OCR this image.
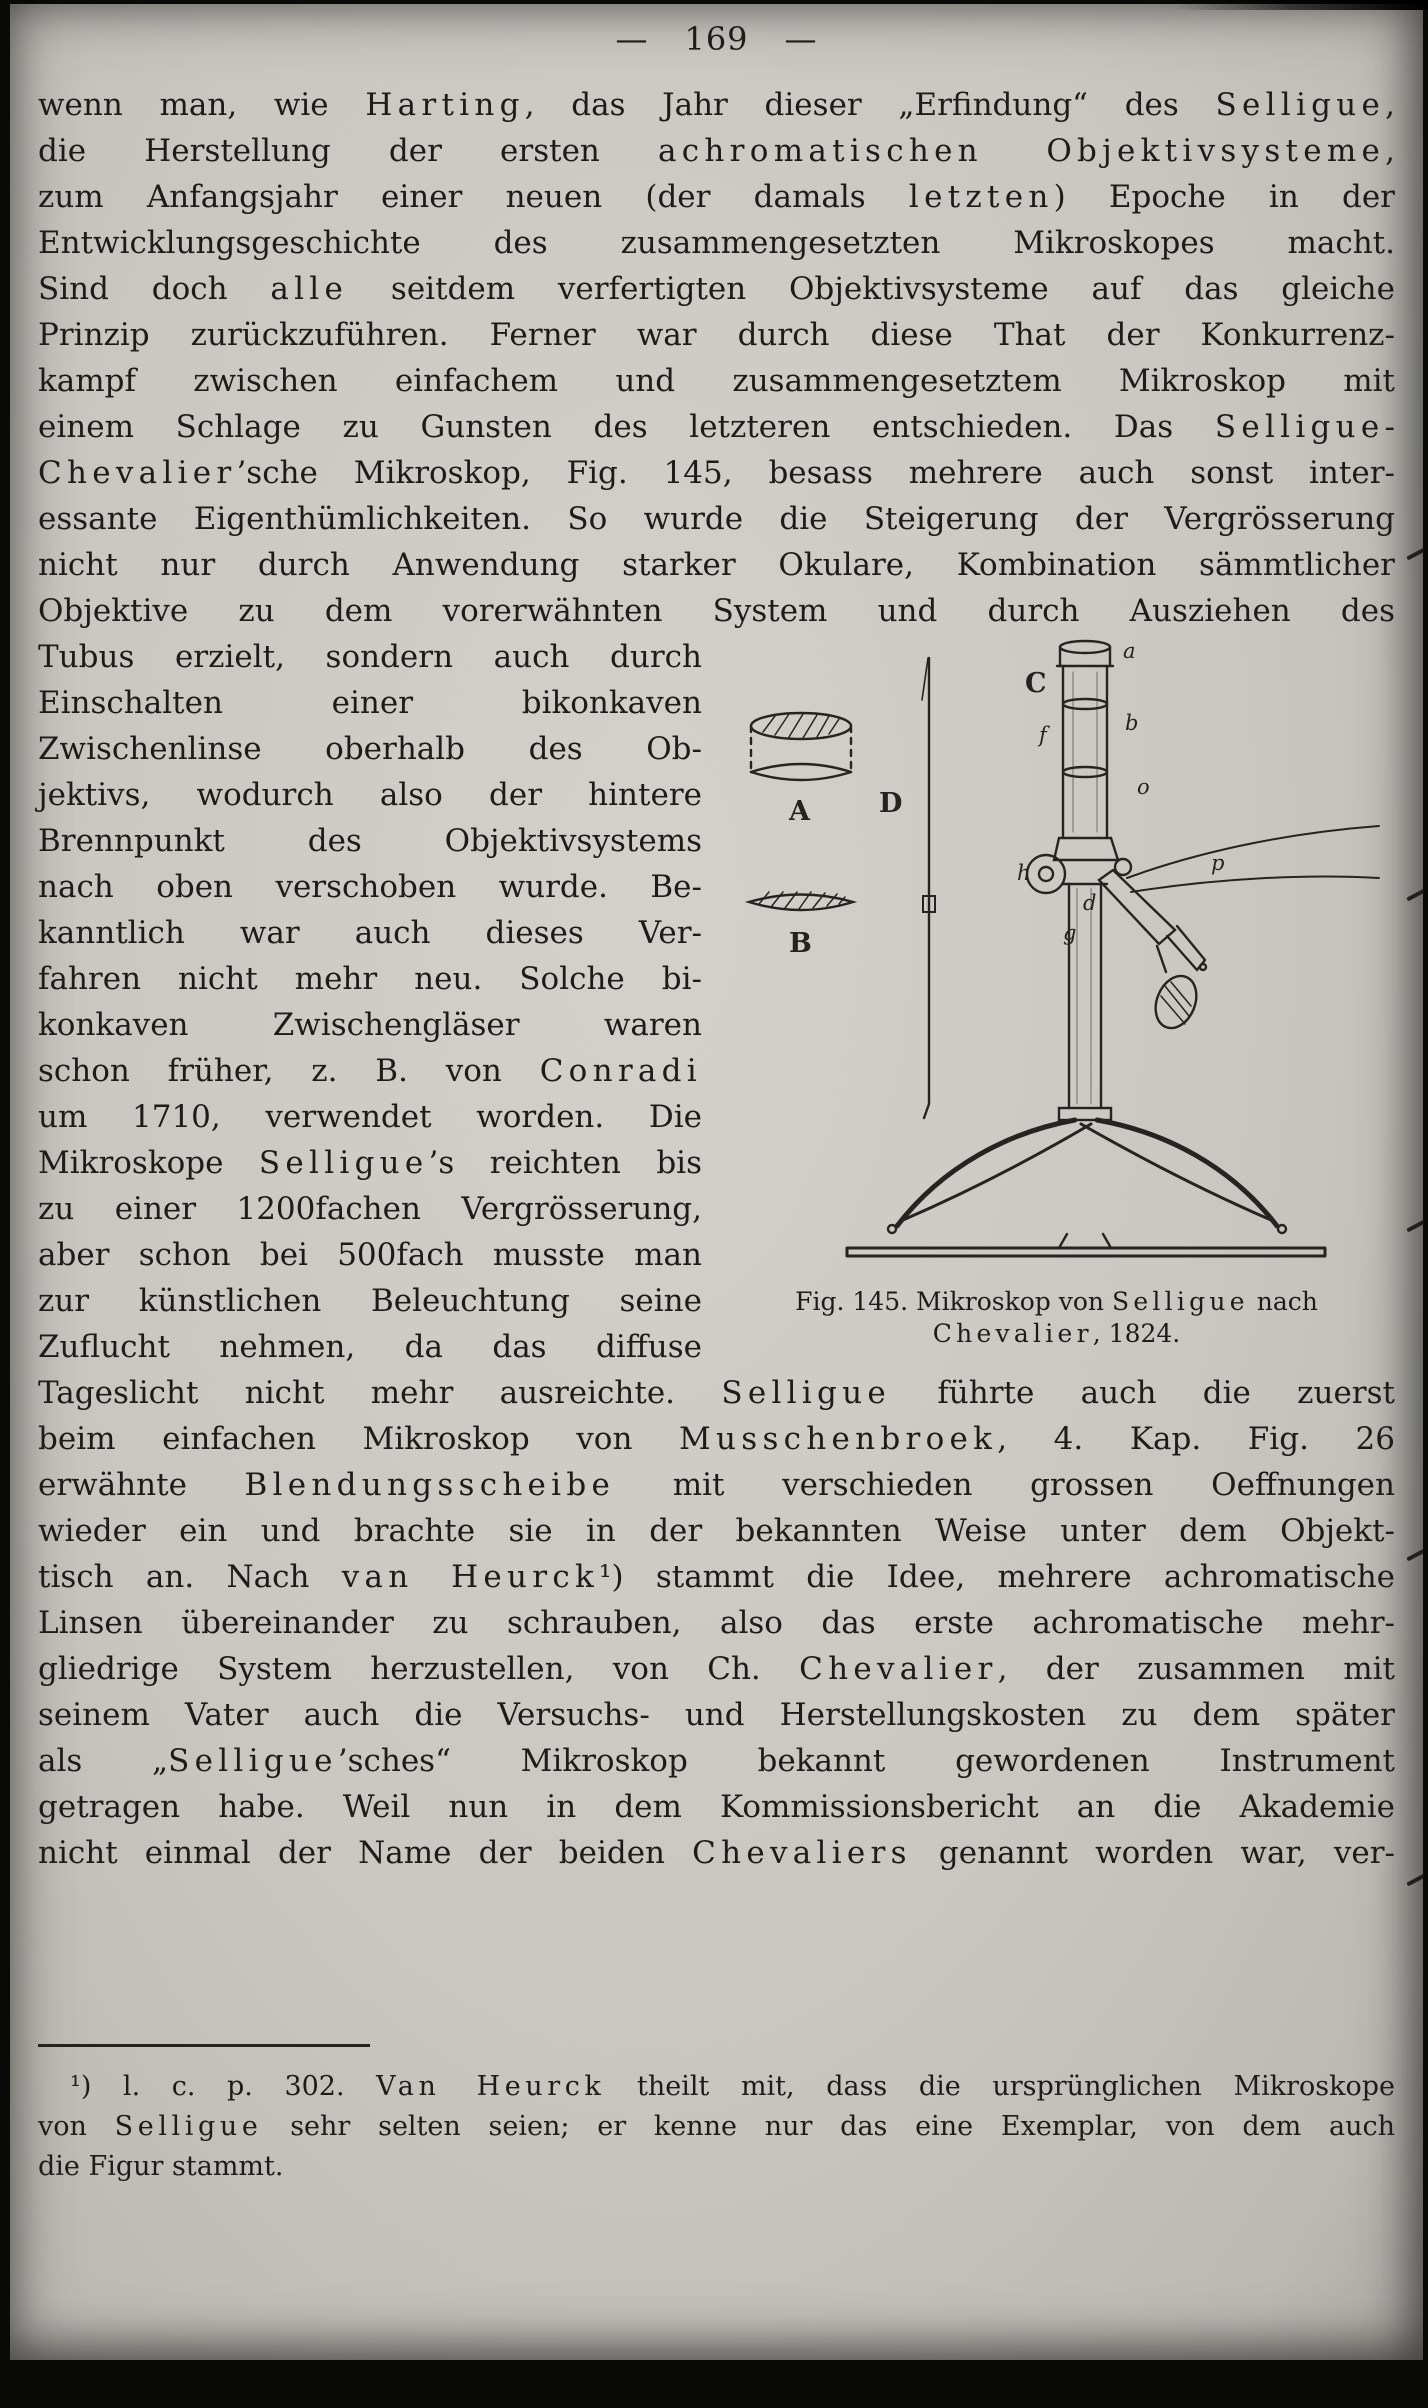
— 169 —
wenn man, wie Harting, das Jahr dieser „Erfindung“ des Selligue,
die Herstellung der ersten achromatischen Objektivsysteme,
zum Anfangsjahr einer neuen (der damals letzten) Epoche in der
Entwicklungsgeschichte des zusammengesetzten Mikroskopes macht.
Sind doch alle seitdem verfertigten Objektivsysteme auf das gleiche
Prinzip zurückzuführen. Ferner war durch diese That der Konkurrenz-
kampf zwischen einfachem und zusammengesetztem Mikroskop mit
einem Schlage zu Gunsten des letzteren entschieden. Das Selligue-
Chevalier’sche Mikroskop, Fig. 145, besass mehrere auch sonst inter-
essante Eigenthümlichkeiten. So wurde die Steigerung der Vergrösserung
nicht nur durch Anwendung starker Okulare, Kombination sämmtlicher
Objektive zu dem vorerwähnten System und durch Ausziehen des
Tubus erzielt, sondern auch durch
Einschalten einer bikonkaven
Zwischenlinse oberhalb des Ob-
jektivs, wodurch also der hintere
Brennpunkt des Objektivsystems
nach oben verschoben wurde. Be-
kanntlich war auch dieses Ver-
fahren nicht mehr neu. Solche bi-
konkaven Zwischengläser waren
schon früher, z. B. von Conradi
um 1710, verwendet worden. Die
Mikroskope Selligue’s reichten bis
zu einer 1200fachen Vergrösserung,
aber schon bei 500fach musste man
zur künstlichen Beleuchtung seine
Zuflucht nehmen, da das diffuse
A
B
D
C
a
b
o
f
p
h
d
g
Fig. 145. Mikroskop von Selligue nach
Chevalier, 1824.
Tageslicht nicht mehr ausreichte. Selligue führte auch die zuerst
beim einfachen Mikroskop von Musschenbroek, 4. Kap. Fig. 26
erwähnte Blendungsscheibe mit verschieden grossen Oeffnungen
wieder ein und brachte sie in der bekannten Weise unter dem Objekt-
tisch an. Nach van Heurck¹) stammt die Idee, mehrere achromatische
Linsen übereinander zu schrauben, also das erste achromatische mehr-
gliedrige System herzustellen, von Ch. Chevalier, der zusammen mit
seinem Vater auch die Versuchs- und Herstellungskosten zu dem später
als „Selligue’sches“ Mikroskop bekannt gewordenen Instrument
getragen habe. Weil nun in dem Kommissionsbericht an die Akademie
nicht einmal der Name der beiden Chevaliers genannt worden war, ver-
¹) l. c. p. 302. Van Heurck theilt mit, dass die ursprünglichen Mikroskope
von Selligue sehr selten seien; er kenne nur das eine Exemplar, von dem auch
die Figur stammt.
